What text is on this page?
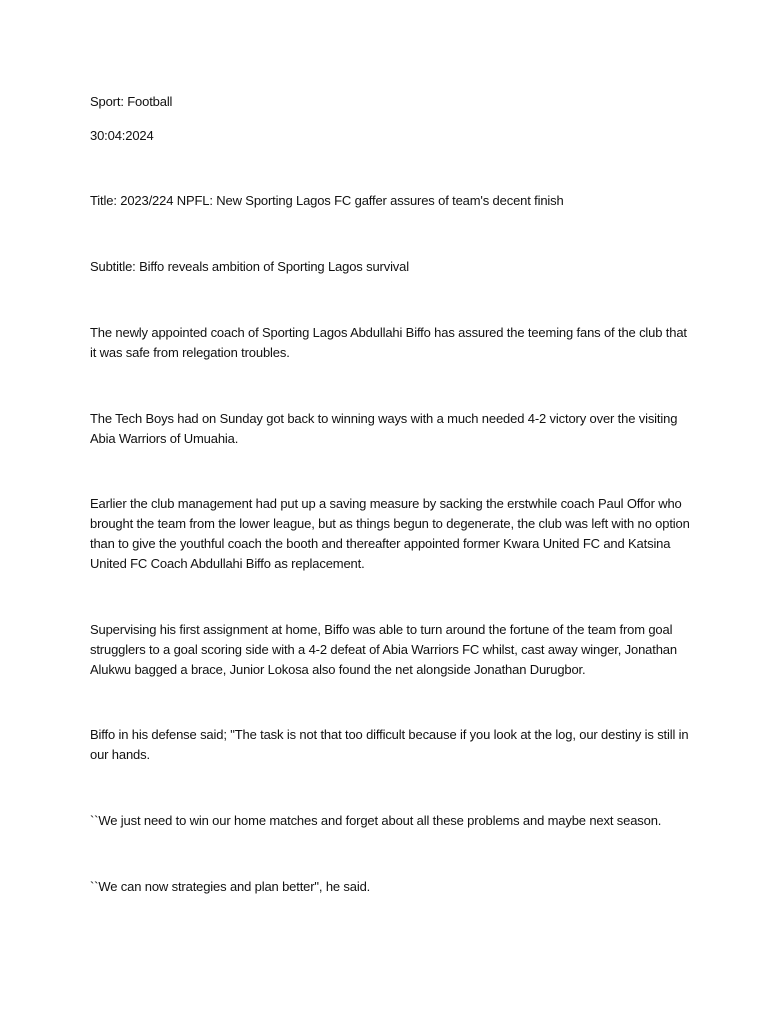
Sport: Football

30:04:2024

Title: 2023/224 NPFL: New Sporting Lagos FC gaffer assures of team's decent finish

Subtitle: Biffo reveals ambition of Sporting Lagos survival

The newly appointed coach of Sporting Lagos Abdullahi Biffo has assured the teeming fans of the club that it was safe from relegation troubles.

The Tech Boys had on Sunday got back to winning ways with a much needed 4-2 victory over the visiting Abia Warriors of Umuahia.

Earlier the club management had put up a saving measure by sacking the erstwhile coach Paul Offor who brought the team from the lower league, but as things begun to degenerate, the club was left with no option than to give the youthful coach the booth and thereafter appointed former Kwara United FC and Katsina United FC Coach Abdullahi Biffo as replacement.

Supervising his first assignment at home, Biffo was able to turn around the fortune of the team from goal strugglers to a goal scoring side with a 4-2 defeat of Abia Warriors FC whilst, cast away winger, Jonathan Alukwu bagged a brace, Junior Lokosa also found the net alongside Jonathan Durugbor.

Biffo in his defense said; "The task is not that too difficult because if you look at the log, our destiny is still in our hands.

``We just need to win our home matches and forget about all these problems and maybe next season.

``We can now strategies and plan better", he said.
